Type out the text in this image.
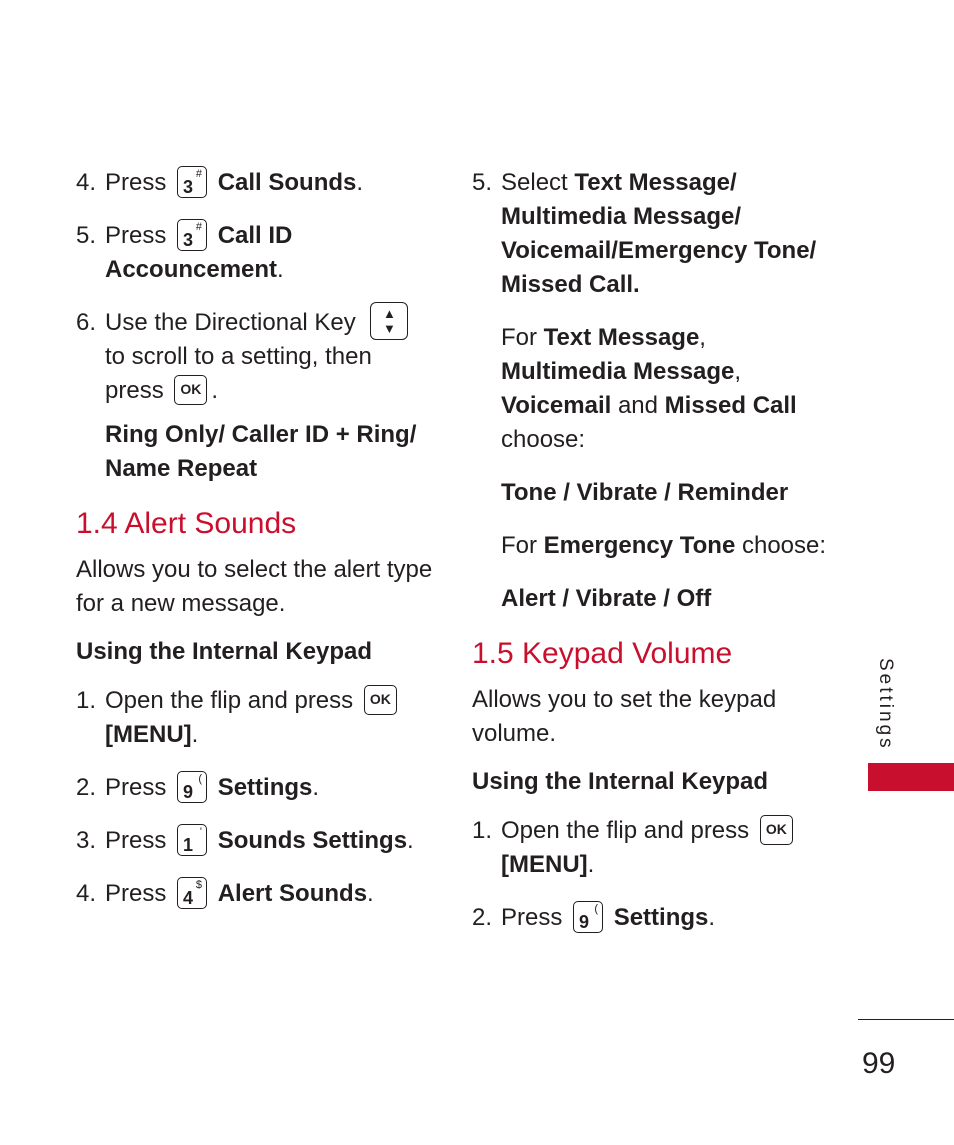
4. Press 3
# Call Sounds.
5. Press 3
# Call ID
Accouncement.
6. Use the Directional Key ▲
▼
to scroll to a setting, then
press OK .
Ring Only/ Caller ID + Ring/ Name Repeat
1.4 Alert Sounds
Allows you to select the alert type for a new message.
Using the Internal Keypad
1. Open the flip and press OK
[MENU].
2. Press 9
( Settings.
3. Press 1
' Sounds Settings.
4. Press 4
$ Alert Sounds.
5. Select Text Message/
Multimedia Message/
Voicemail/Emergency Tone/
Missed Call.
For Text Message,
Multimedia Message,
Voicemail and Missed Call
choose:
Tone / Vibrate / Reminder
For Emergency Tone choose:
Alert / Vibrate / Off
1.5 Keypad Volume
Allows you to set the keypad volume.
Using the Internal Keypad
1. Open the flip and press OK
[MENU].
2. Press 9
( Settings.
Settings
99
